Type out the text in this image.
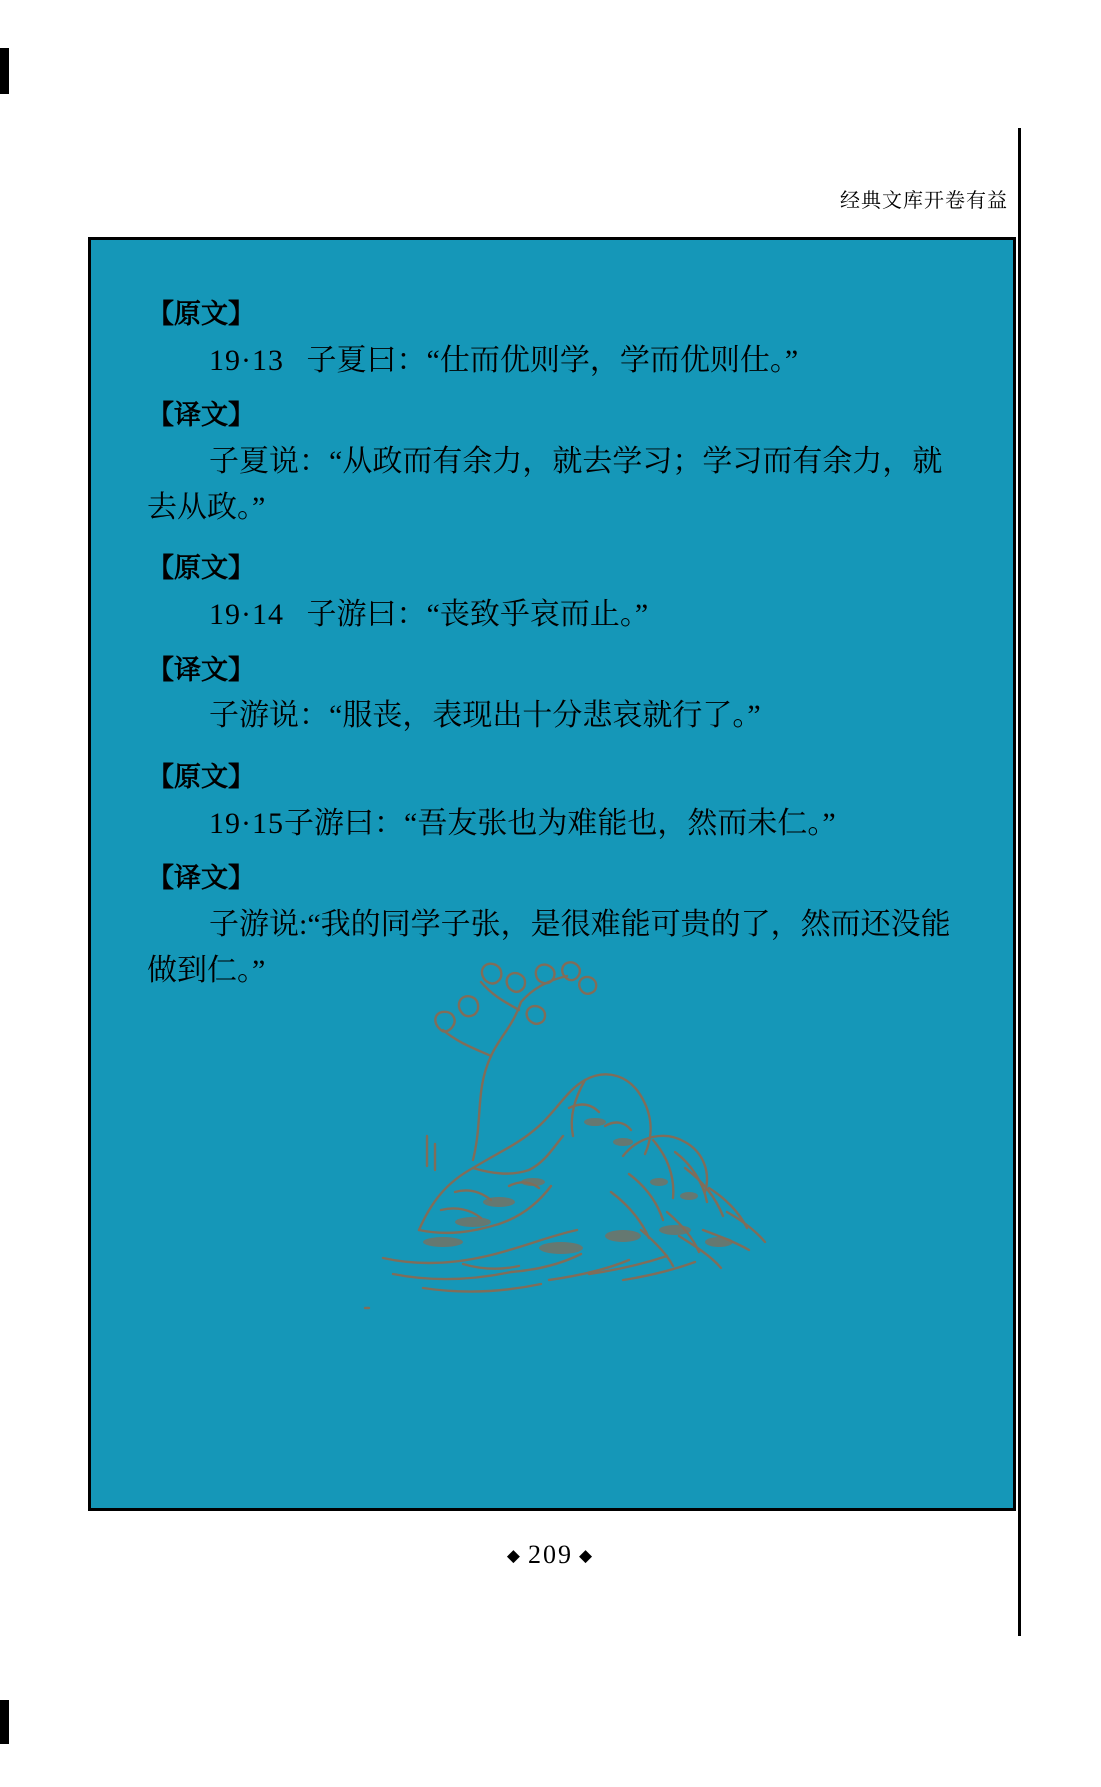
经典文库开卷有益
【原文】

19·13 子夏曰：“仕而优则学，学而优则仕。”

【译文】

子夏说：“从政而有余力，就去学习；学习而有余力，就去从政。”

【原文】

19·14 子游曰：“丧致乎哀而止。”

【译文】

子游说：“服丧，表现出十分悲哀就行了。”

【原文】

19·15子游曰：“吾友张也为难能也，然而未仁。”

【译文】

子游说:“我的同学子张，是很难能可贵的了，然而还没能做到仁。”

◆ 209 ◆
